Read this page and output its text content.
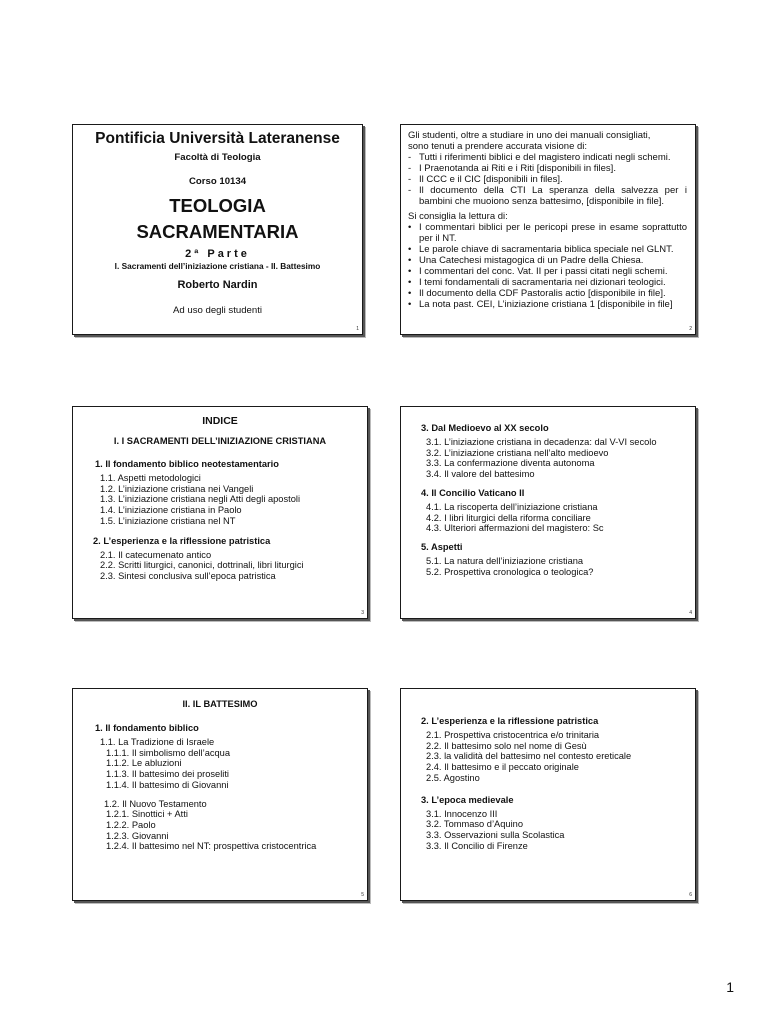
Pontificia Università Lateranense
Facoltà di Teologia
Corso 10134
TEOLOGIA
SACRAMENTARIA
2ª Parte
I. Sacramenti dell’iniziazione cristiana - II. Battesimo
Roberto Nardin
Ad uso degli studenti
1
Gli studenti, oltre a studiare in uno dei manuali consigliati,
sono tenuti a prendere accurata visione di:
- Tutti i riferimenti biblici e del magistero indicati negli schemi.
- I Praenotanda ai Riti e i Riti [disponibili in files].
- Il CCC e il CIC [disponibili in files].
- Il documento della CTI La speranza della salvezza per i bambini che muoiono senza battesimo, [disponibile in file].
Si consiglia la lettura di:
• I commentari biblici per le pericopi prese in esame soprattutto per il NT.
• Le parole chiave di sacramentaria biblica speciale nel GLNT.
• Una Catechesi mistagogica di un Padre della Chiesa.
• I commentari del conc. Vat. II per i passi citati negli schemi.
• I temi fondamentali di sacramentaria nei dizionari teologici.
• Il documento della CDF Pastoralis actio [disponibile in file].
• La nota past. CEI, L’iniziazione cristiana 1 [disponibile in file]
2
INDICE
I. I SACRAMENTI DELL’INIZIAZIONE CRISTIANA
1. Il fondamento biblico neotestamentario
1.1. Aspetti metodologici
1.2. L’iniziazione cristiana nei Vangeli
1.3. L’iniziazione cristiana negli Atti degli apostoli
1.4. L’iniziazione cristiana in Paolo
1.5. L’iniziazione cristiana nel NT
2. L’esperienza e la riflessione patristica
2.1. Il catecumenato antico
2.2. Scritti liturgici, canonici, dottrinali, libri liturgici
2.3. Sintesi conclusiva sull’epoca patristica
3
3. Dal Medioevo al XX secolo
3.1. L’iniziazione cristiana in decadenza: dal V-VI secolo
3.2. L’iniziazione cristiana nell’alto medioevo
3.3. La confermazione diventa autonoma
3.4. Il valore del battesimo
4. Il Concilio Vaticano II
4.1. La riscoperta dell’iniziazione cristiana
4.2. I libri liturgici della riforma conciliare
4.3. Ulteriori affermazioni del magistero: Sc
5. Aspetti
5.1. La natura dell’iniziazione cristiana
5.2. Prospettiva cronologica o teologica?
4
II. IL BATTESIMO
1. Il fondamento biblico
1.1. La Tradizione di Israele
1.1.1. Il simbolismo dell’acqua
1.1.2. Le abluzioni
1.1.3. Il battesimo dei proseliti
1.1.4. Il battesimo di Giovanni
1.2. Il Nuovo Testamento
1.2.1. Sinottici + Atti
1.2.2. Paolo
1.2.3. Giovanni
1.2.4. Il battesimo nel NT: prospettiva cristocentrica
5
2. L’esperienza e la riflessione patristica
2.1. Prospettiva cristocentrica e/o trinitaria
2.2. Il battesimo solo nel nome di Gesù
2.3. la validità del battesimo nel contesto ereticale
2.4. Il battesimo e il peccato originale
2.5. Agostino
3. L’epoca medievale
3.1. Innocenzo III
3.2. Tommaso d’Aquino
3.3. Osservazioni sulla Scolastica
3.3. Il Concilio di Firenze
6
1
